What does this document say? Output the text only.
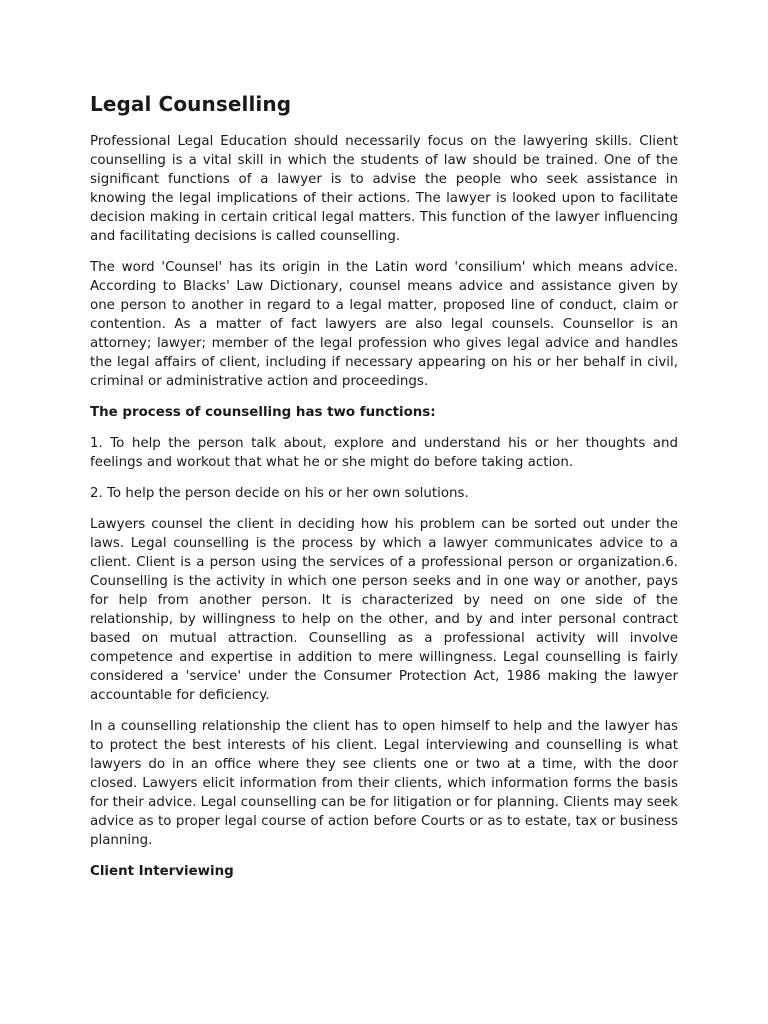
Legal Counselling

Professional Legal Education should necessarily focus on the lawyering skills. Client counselling is a vital skill in which the students of law should be trained. One of the significant functions of a lawyer is to advise the people who seek assistance in knowing the legal implications of their actions. The lawyer is looked upon to facilitate decision making in certain critical legal matters. This function of the lawyer influencing and facilitating decisions is called counselling.

The word 'Counsel' has its origin in the Latin word 'consilium' which means advice. According to Blacks' Law Dictionary, counsel means advice and assistance given by one person to another in regard to a legal matter, proposed line of conduct, claim or contention. As a matter of fact lawyers are also legal counsels. Counsellor is an attorney; lawyer; member of the legal profession who gives legal advice and handles the legal affairs of client, including if necessary appearing on his or her behalf in civil, criminal or administrative action and proceedings.

The process of counselling has two functions:

1. To help the person talk about, explore and understand his or her thoughts and feelings and workout that what he or she might do before taking action.

2. To help the person decide on his or her own solutions.

Lawyers counsel the client in deciding how his problem can be sorted out under the laws. Legal counselling is the process by which a lawyer communicates advice to a client. Client is a person using the services of a professional person or organization.6. Counselling is the activity in which one person seeks and in one way or another, pays for help from another person. It is characterized by need on one side of the relationship, by willingness to help on the other, and by and inter personal contract based on mutual attraction. Counselling as a professional activity will involve competence and expertise in addition to mere willingness. Legal counselling is fairly considered a 'service' under the Consumer Protection Act, 1986 making the lawyer accountable for deficiency.

In a counselling relationship the client has to open himself to help and the lawyer has to protect the best interests of his client. Legal interviewing and counselling is what lawyers do in an office where they see clients one or two at a time, with the door closed. Lawyers elicit information from their clients, which information forms the basis for their advice. Legal counselling can be for litigation or for planning. Clients may seek advice as to proper legal course of action before Courts or as to estate, tax or business planning.

Client Interviewing
